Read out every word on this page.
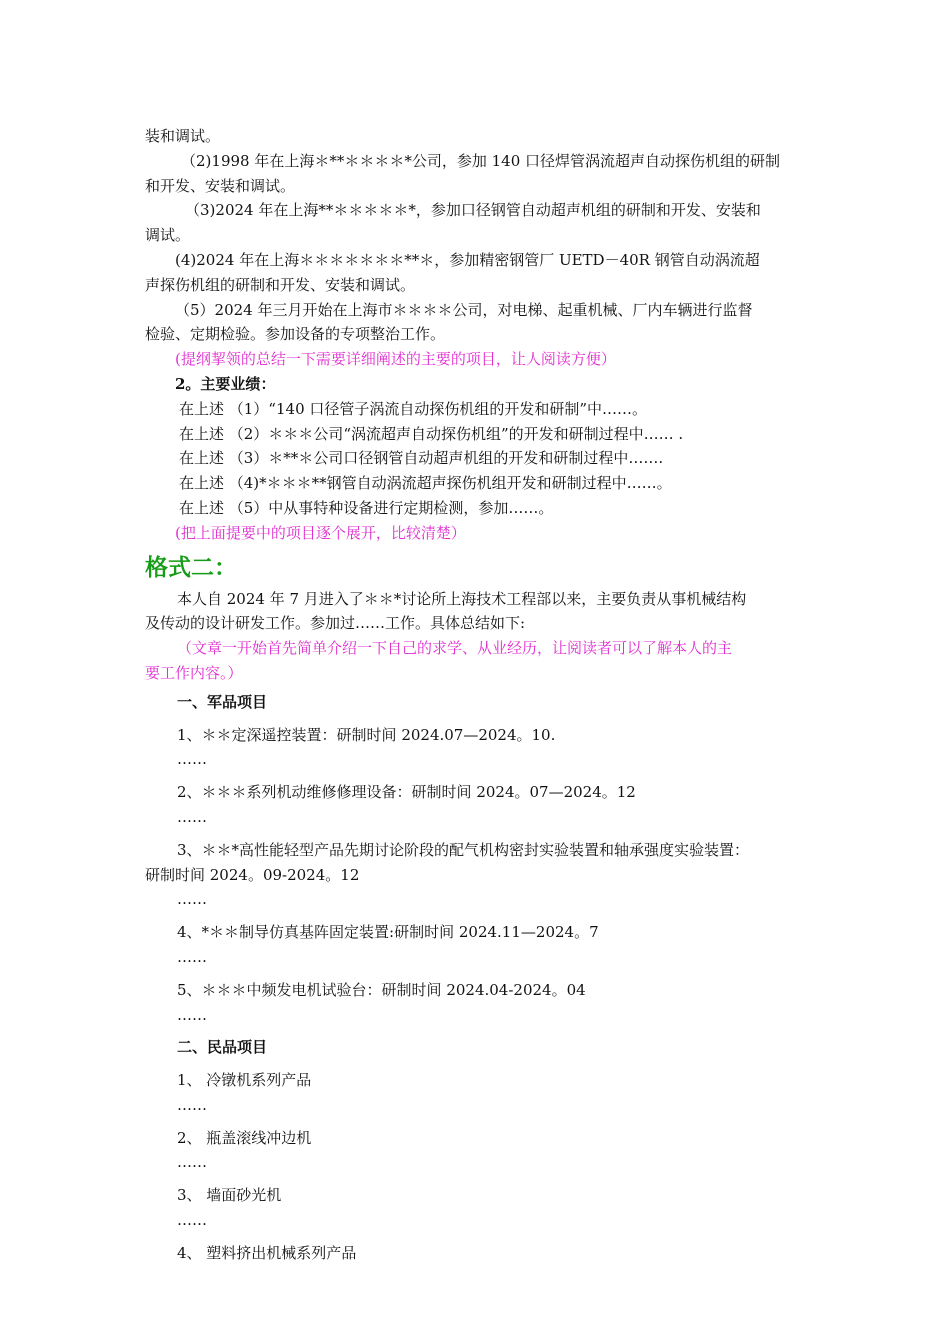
装和调试。
（2)1998 年在上海＊**＊＊＊＊*公司，参加 140 口径焊管涡流超声自动探伤机组的研制
和开发、安装和调试。
（3)2024 年在上海**＊＊＊＊＊*，参加口径钢管自动超声机组的研制和开发、安装和
调试。
(4)2024 年在上海＊＊＊＊＊＊＊**＊，参加精密钢管厂 UETD－40R 钢管自动涡流超
声探伤机组的研制和开发、安装和调试。
（5）2024 年三月开始在上海市＊＊＊＊公司，对电梯、起重机械、厂内车辆进行监督
检验、定期检验。参加设备的专项整治工作。
(提纲挈领的总结一下需要详细阐述的主要的项目，让人阅读方便）
2。主要业绩：
在上述 （1）“140 口径管子涡流自动探伤机组的开发和研制”中……。
在上述 （2）＊＊＊公司“涡流超声自动探伤机组”的开发和研制过程中…… .
在上述 （3）＊**＊公司口径钢管自动超声机组的开发和研制过程中…….
在上述 （4)*＊＊＊**钢管自动涡流超声探伤机组开发和研制过程中……。
在上述 （5）中从事特种设备进行定期检测，参加……。
(把上面提要中的项目逐个展开，比较清楚）
格式二：
本人自 2024 年 7 月进入了＊＊*讨论所上海技术工程部以来，主要负责从事机械结构
及传动的设计研发工作。参加过……工作。具体总结如下:
（文章一开始首先简单介绍一下自己的求学、从业经历，让阅读者可以了解本人的主
要工作内容。）
一、军品项目
1、＊＊定深遥控装置：研制时间 2024.07—2024。10.
……
2、＊＊＊系列机动维修修理设备：研制时间 2024。07—2024。12
……
3、＊＊*高性能轻型产品先期讨论阶段的配气机构密封实验装置和轴承强度实验装置：
研制时间 2024。09-2024。12
……
4、*＊＊制导仿真基阵固定装置:研制时间 2024.11—2024。7
……
5、＊＊＊中频发电机试验台：研制时间 2024.04-2024。04
……
二、民品项目
1、 冷镦机系列产品
……
2、 瓶盖滚线冲边机
……
3、 墙面砂光机
……
4、 塑料挤出机械系列产品
